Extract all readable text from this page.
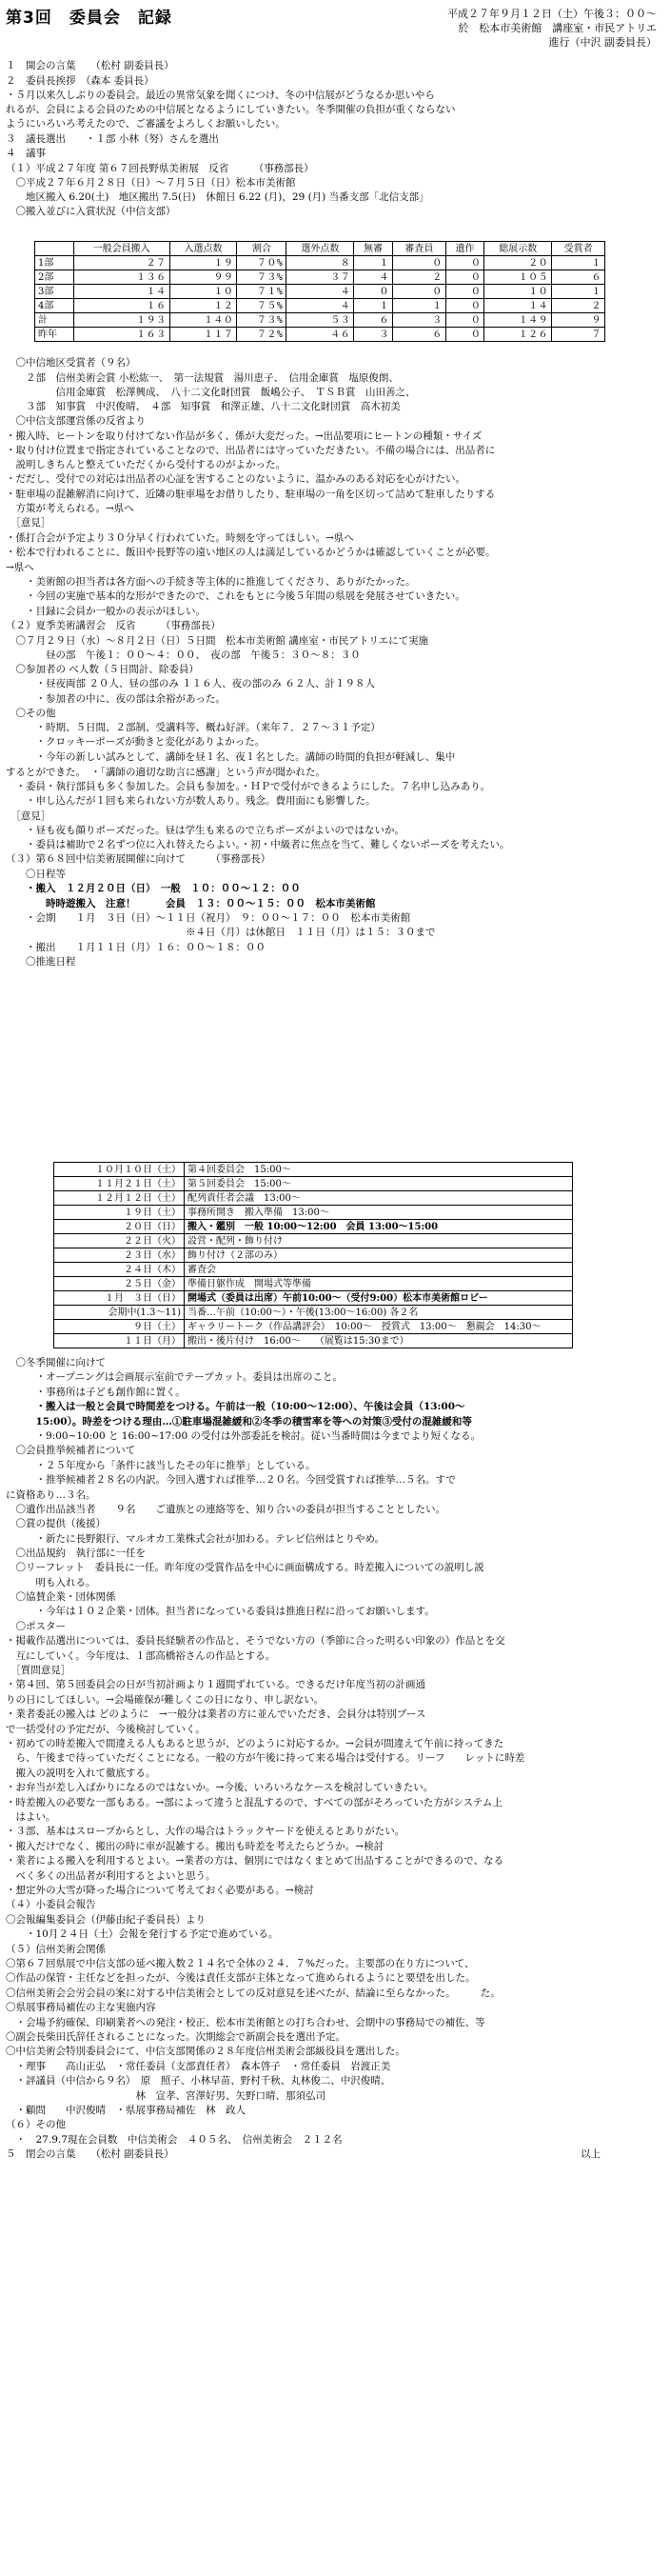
第3回　委員会　記録	平成２７年９月１２日（土）午後３：００～
於　松本市美術館　講座室・市民アトリエ
進行（中沢 副委員長）
１　開会の言葉　　（松村 副委員長）
２　委員長挨拶　（森本 委員長）
・５月以来久しぶりの委員会。最近の異常気象を聞くにつけ、冬の中信展がどうなるか思いやら
れるが、会員による会員のための中信展となるようにしていきたい。冬季開催の負担が重くならない
ようにいろいろ考えたので、ご審議をよろしくお願いしたい。
３　議長選出　　・１部 小林（努）さんを選出
４　議事
（１）平成２７年度 第６７回長野県美術展　反省　　　（事務部長）
　〇平成２７年６月２８日（日）～７月５日（日）松本市美術館
　　地区搬入 6.20(土)　地区搬出 7.5(日)　休館日 6.22 (月)，29 (月) 当番支部「北信支部」
　〇搬入並びに入賞状況（中信支部）
　〇中信地区受賞者（９名）
　　２部　信州美術会賞 小松紘一、　第一法規賞　湯川恵子、　信用金庫賞　塩原俊朗、
　　　　　信用金庫賞　松澤興成、　八十二文化財団賞　飯嶋公子、　ＴＳＢ賞　山田善之、
　　３部　知事賞　中沢俊晴、　４部　知事賞　和澤正雄、八十二文化財団賞　高木初美
　〇中信支部運営係の反省より
・搬入時、ヒートンを取り付けてない作品が多く、係が大変だった。→出品要項にヒートンの種類・サイズ
・取り付け位置まで指定されていることなので、出品者には守っていただきたい。不備の場合には、出品者に
　説明しきちんと整えていただくから受付するのがよかった。
・だだし、受付での対応は出品者の心証を害することのないように、温かみのある対応を心がけたい。
・駐車場の混雑解消に向けて、近隣の駐車場をお借りしたり、駐車場の一角を区切って詰めて駐車したりする
　方策が考えられる。→県へ
　［意見］
・係打合会が予定より３０分早く行われていた。時刻を守ってほしい。→県へ
・松本で行われることに、飯田や長野等の遠い地区の人は満足しているかどうかは確認していくことが必要。
→県へ
　　・美術館の担当者は各方面への手続き等主体的に推進してくださり、ありがたかった。
　　・今回の実施で基本的な形ができたので、これをもとに今後５年間の県展を発展させていきたい。
　　・目録に会員か一般かの表示がほしい。
（２）夏季美術講習会　反省　　　（事務部長）
　〇７月２９日（水）～８月２日（日）５日間　松本市美術館 講座室・市民アトリエにて実施
　　　　昼の部　午後１：００～４：００、　夜の部　午後５：３０～８：３０
　〇参加者の べ人数（５日間計、除委員）
　　　・昼夜両部 ２０人、昼の部のみ １１６人、夜の部のみ ６２人、計１９８人
　　　・参加者の中に、夜の部は余裕があった。
　〇その他
　　　・時期、５日間、２部制、受講料等、概ね好評。（来年７．２７～３１予定）
　　　・クロッキーポーズが動きと変化がありよかった。
　　　・今年の新しい試みとして、講師を昼１名、夜１名とした。講師の時間的負担が軽減し、集中
するとができた。　・「講師の適切な助言に感謝」という声が聞かれた。
　・委員・執行部員も多く参加した。会員も参加を。・ＨＰで受付ができるようにした。７名申し込みあり。
　　・申し込んだが１回も来られない方が数人あり。残念。費用面にも影響した。
　［意見］
　　・昼も夜も顔りポーズだった。昼は学生も来るので立ちポーズがよいのではないか。
　　・委員は補助で２名ずつ位に入れ替えたらよい。・初・中級者に焦点を当て、難しくないポーズを考えたい。
（３）第６８回中信美術展開催に向けて　　　（事務部長）
　　〇日程等
　　・搬入　１２月２０日（日）　一般　１０：００～１２：００
　　　　時時遊搬入　注意！　　　会員　１３：００～１５：００　松本市美術館
　　・会期　　１月　３日（日）～１１日（祝月）　９：００～１７：００　松本市美術館
　　　　　　　　　　　　　　　　　　※４日（月）は休館日　１１日（月）は１５：３０まで
　　・搬出　　１月１１日（月）１６：００～１８：００
　　〇推進日程
　〇冬季開催に向けて
　　　・オープニングは会画展示室前でテープカット。委員は出席のこと。
　　　・事務所は子ども創作館に置く。
　　　・搬入は一般と会員で時間差をつける。午前は一般（10:00～12:00）、午後は会員（13:00～
　　　15:00）。時差をつける理由…①駐車場混雑緩和②冬季の積雪率を等への対策③受付の混雑緩和等
　　　・9:00~10:00 と 16:00~17:00 の受付は外部委託を検討。従い当番時間は今までより短くなる。
　〇会員推挙候補者について
　　　・２５年度から「条件に該当したその年に推挙」としている。
　　　・推挙候補者２８名の内訳。今回入選すれば推挙…２０名。今回受賞すれば推挙…５名。すで
に資格あり…３名。
　〇遺作出品該当者　　９名　　ご遺族との連絡等を、知り合いの委員が担当することとしたい。
　〇賞の提供（後援）
　　　・新たに長野銀行、マルオカ工業株式会社が加わる。テレビ信州はとりやめ。
　〇出品規約　執行部に一任を
　〇リーフレット　委員長に一任。昨年度の受賞作品を中心に画面構成する。時差搬入についての説明し説
　　　明も入れる。
　〇協賛企業・団体関係
　　　・今年は１０２企業・団体。担当者になっている委員は推進日程に沿ってお願いします。
　〇ポスター
・掲載作品選出については、委員長経験者の作品と、そうでない方の（季節に合った明るい印象の）作品とを交
　互にしていく。今年度は、１部高橋裕さんの作品とする。
　［質問意見］
・第４回、第５回委員会の日が当初計画より１週間ずれている。できるだけ年度当初の計画通
りの日にしてほしい。→会場確保が難しくこの日になり、申し訳ない。
・業者委託の搬入は どのように　→一般分は業者の方に並んでいただき、会員分は特別ブース
で一括受付の予定だが、今後検討していく。
・初めての時差搬入で間違える人もあると思うが、どのように対応するか。→会員が間違えて午前に持ってきた
　ら、午後まで待っていただくことになる。一般の方が午後に持って来る場合は受付する。リーフ　　レットに時差
　搬入の説明を入れて徹底する。
・お弁当が差し入ばかりになるのではないか。→今後、いろいろなケースを検討していきたい。
・時差搬入の必要な一部もある。→部によって違うと混乱するので、すべての部がそろっていた方がシステム上
　はよい。
・３部、基本はスロープからとし、大作の場合はトラックヤードを使えるとありがたい。
・搬入だけでなく、搬出の時に車が混雑する。搬出も時差を考えたらどうか。→検討
・業者による搬入を利用するとよい。→業者の方は、個別にではなくまとめて出品することができるので、なる
　べく多くの出品者が利用するとよいと思う。
・想定外の大雪が降った場合について考えておく必要がある。→検討
（４）小委員会報告
〇会報編集委員会（伊藤由紀子委員長）より
　　・10月２４日（土）会報を発行する予定で進めている。
（５）信州美術会関係
〇第６７回県展で中信支部の延べ搬入数２１４名で全体の２４．７%だった。主要部の在り方について、
〇作品の保管・主任などを担ったが、今後は責任支部が主体となって進められるようにと要望を出した。
〇信州美術会会労会員の案に対する中信美術会としての反対意見を述べたが、結論に至らなかった。　　　た。
〇県展事務局補佐の主な実施内容
　・会場予約確保、印刷業者への発注・校正、松本市美術館との打ち合わせ、会期中の事務局での補佐、等
〇副会長柴田氏辞任されることになった。次期総会で新副会長を選出予定。
〇中信美術会特別委員会にて、中信支部関係の２８年度信州美術会部級役員を選出した。
　・理事　　高山正弘　・常任委員（支部責任者）　森本啓子　・常任委員　岩渡正美
　・評議員（中信から９名）　原　照子、小林早苗、野村千秋、丸林俊二、中沢俊晴、
　　　　　　　　　　　　　林　宣孝、宮澤好男、矢野口晴、那須弘司
　・顧問　　中沢俊晴　・県展事務局補佐　林　政人
（６）その他
　・　27.9.7現在会員数　中信美術会　４０５名、　信州美術会　２１２名
５　閉会の言葉　　（松村 副委員長）	以上
	一般会員搬入	入選点数	割合	選外点数	無審	審査員	遺作	総展示数	受賞者
1部	２７	１９	７０%	８	１	０	０	２０	１
2部	１３６	９９	７３%	３７	４	２	０	１０５	６
3部	１４	１０	７１%	４	０	０	０	１０	１
4部	１６	１２	７５%	４	１	１	０	１４	２
計	１９３	１４０	７３%	５３	６	３	０	１４９	９
昨年	１６３	１１７	７２%	４６	３	６	０	１２６	７
１０月１０日（土）	第４回委員会　15:00～
１１月２１日（土）	第５回委員会　15:00～
１２月１２日（土）	配列責任者会議　13:00～
１９日（土）	事務所開き　搬入準備　13:00～
２０日（日）	搬入・鑑別　一般 10:00～12:00　会員 13:00～15:00
２２日（火）	設営・配列・飾り付け
２３日（水）	飾り付け（２部のみ）
２４日（木）	審査会
２５日（金）	準備日躯作成　開場式等準備
１月　３日（日）	開場式（委員は出席）午前10:00～（受付9:00）松本市美術館ロビー
会期中(1.3～11)	当番…午前（10:00～）・午後(13:00～16:00) 各２名
９日（土）	ギャラリートーク（作品講評会）　10:00～　授賞式　13:00～　懇親会　14:30～
１１日（月）	搬出・後片付け　16:00～　　（展覧は15:30まで）
